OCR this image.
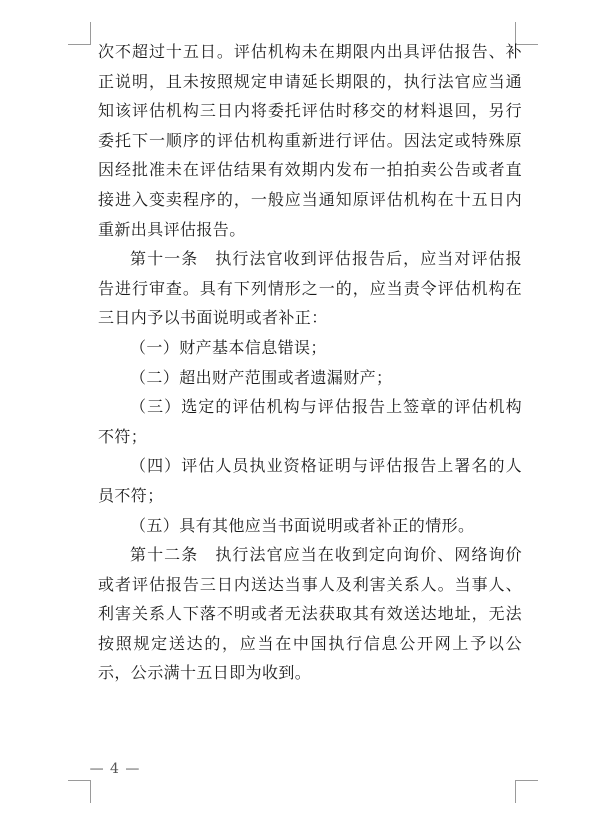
次不超过十五日。评估机构未在期限内出具评估报告、补正说明，且未按照规定申请延长期限的，执行法官应当通知该评估机构三日内将委托评估时移交的材料退回，另行委托下一顺序的评估机构重新进行评估。因法定或特殊原因经批准未在评估结果有效期内发布一拍拍卖公告或者直接进入变卖程序的，一般应当通知原评估机构在十五日内重新出具评估报告。

第十一条　执行法官收到评估报告后，应当对评估报告进行审查。具有下列情形之一的，应当责令评估机构在三日内予以书面说明或者补正：

（一）财产基本信息错误；

（二）超出财产范围或者遗漏财产；

（三）选定的评估机构与评估报告上签章的评估机构不符；

（四）评估人员执业资格证明与评估报告上署名的人员不符；

（五）具有其他应当书面说明或者补正的情形。

第十二条　执行法官应当在收到定向询价、网络询价或者评估报告三日内送达当事人及利害关系人。当事人、利害关系人下落不明或者无法获取其有效送达地址，无法按照规定送达的，应当在中国执行信息公开网上予以公示，公示满十五日即为收到。

— 4 —
